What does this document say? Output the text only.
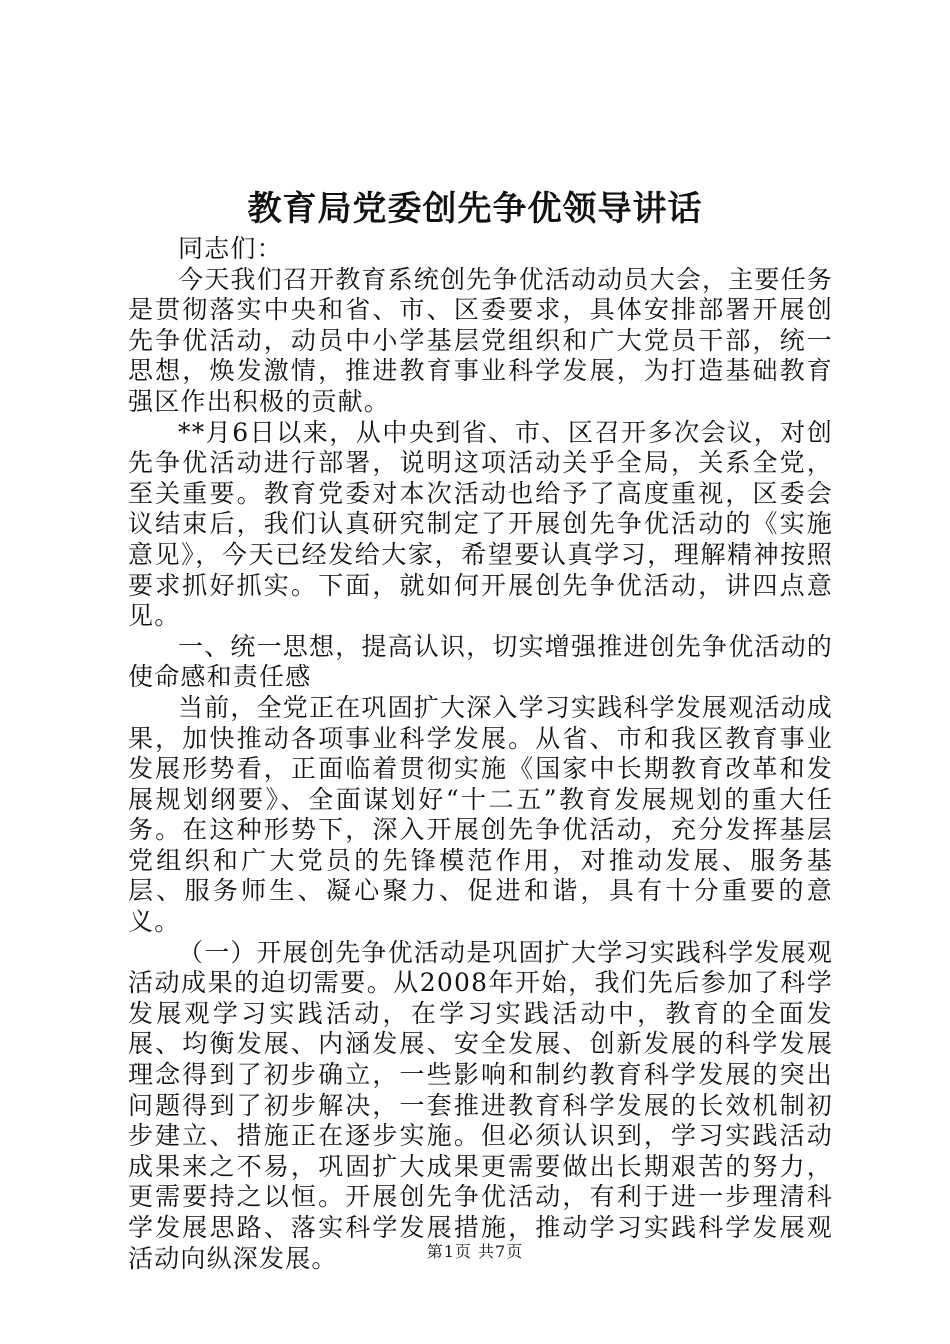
教育局党委创先争优领导讲话

同志们：

今天我们召开教育系统创先争优活动动员大会，主要任务是贯彻落实中央和省、市、区委要求，具体安排部署开展创先争优活动，动员中小学基层党组织和广大党员干部，统一思想，焕发激情，推进教育事业科学发展，为打造基础教育强区作出积极的贡献。

**月6日以来，从中央到省、市、区召开多次会议，对创先争优活动进行部署，说明这项活动关乎全局，关系全党，至关重要。教育党委对本次活动也给予了高度重视，区委会议结束后，我们认真研究制定了开展创先争优活动的《实施意见》，今天已经发给大家，希望要认真学习，理解精神按照要求抓好抓实。下面，就如何开展创先争优活动，讲四点意见。

一、统一思想，提高认识，切实增强推进创先争优活动的使命感和责任感

当前，全党正在巩固扩大深入学习实践科学发展观活动成果，加快推动各项事业科学发展。从省、市和我区教育事业发展形势看，正面临着贯彻实施《国家中长期教育改革和发展规划纲要》、全面谋划好“十二五”教育发展规划的重大任务。在这种形势下，深入开展创先争优活动，充分发挥基层党组织和广大党员的先锋模范作用，对推动发展、服务基层、服务师生、凝心聚力、促进和谐，具有十分重要的意义。

（一）开展创先争优活动是巩固扩大学习实践科学发展观活动成果的迫切需要。从2008年开始，我们先后参加了科学发展观学习实践活动，在学习实践活动中，教育的全面发展、均衡发展、内涵发展、安全发展、创新发展的科学发展理念得到了初步确立，一些影响和制约教育科学发展的突出问题得到了初步解决，一套推进教育科学发展的长效机制初步建立、措施正在逐步实施。但必须认识到，学习实践活动成果来之不易，巩固扩大成果更需要做出长期艰苦的努力，更需要持之以恒。开展创先争优活动，有利于进一步理清科学发展思路、落实科学发展措施，推动学习实践科学发展观活动向纵深发展。	第1页 共7页
